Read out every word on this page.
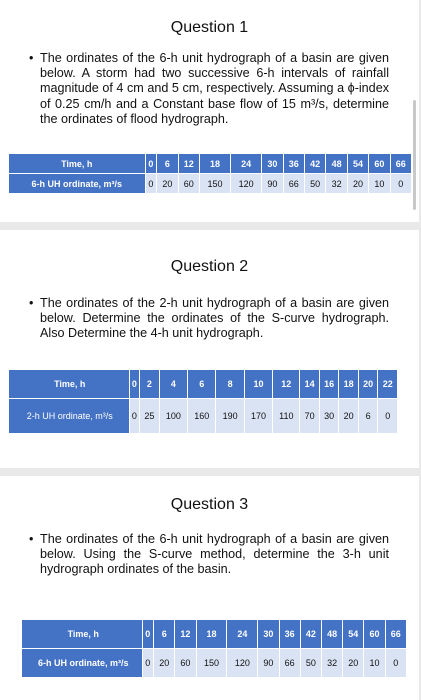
Question 1
• The ordinates of the 6-h unit hydrograph of a basin are given below. A storm had two successive 6-h intervals of rainfall magnitude of 4 cm and 5 cm, respectively. Assuming a ϕ-index of 0.25 cm/h and a Constant base flow of 15 m³/s, determine the ordinates of flood hydrograph.
Question 2
• The ordinates of the 2-h unit hydrograph of a basin are given below. Determine the ordinates of the S-curve hydrograph. Also Determine the 4-h unit hydrograph.
Question 3
• The ordinates of the 6-h unit hydrograph of a basin are given below. Using the S-curve method, determine the 3-h unit hydrograph ordinates of the basin.
Time, h	0	6	12	18	24	30	36	42	48	54	60	66
6-h UH ordinate, m³/s	0	20	60	150	120	90	66	50	32	20	10	0
Time, h	0	2	4	6	8	10	12	14	16	18	20	22
2-h UH ordinate, m³/s	0	25	100	160	190	170	110	70	30	20	6	0
Time, h	0	6	12	18	24	30	36	42	48	54	60	66
6-h UH ordinate, m³/s	0	20	60	150	120	90	66	50	32	20	10	0
